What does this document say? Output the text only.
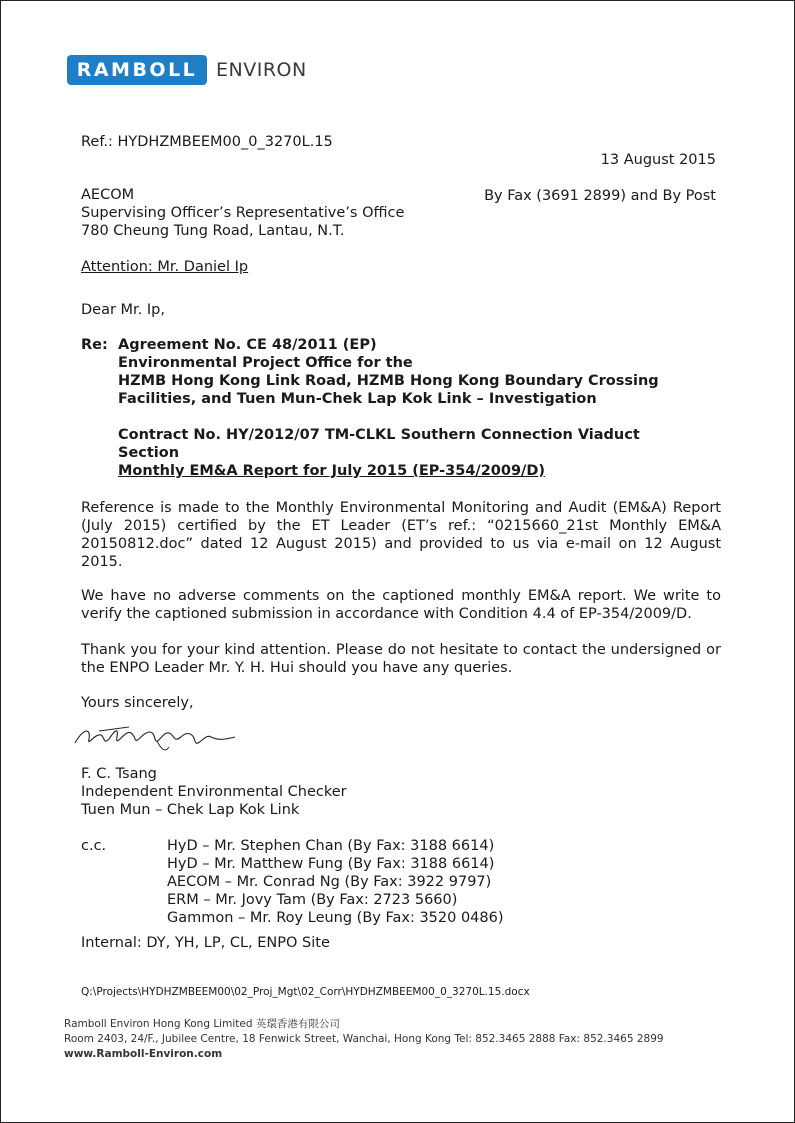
RAMBOLL ENVIRON
Ref.: HYDHZMBEEM00_0_3270L.15
13 August 2015
AECOM
Supervising Officer’s Representative’s Office
780 Cheung Tung Road, Lantau, N.T.
By Fax (3691 2899) and By Post
Attention: Mr. Daniel Ip
Dear Mr. Ip,
Re: Agreement No. CE 48/2011 (EP)
Environmental Project Office for the
HZMB Hong Kong Link Road, HZMB Hong Kong Boundary Crossing
Facilities, and Tuen Mun-Chek Lap Kok Link – Investigation
Contract No. HY/2012/07 TM-CLKL Southern Connection Viaduct
Section
Monthly EM&A Report for July 2015 (EP-354/2009/D)
Reference is made to the Monthly Environmental Monitoring and Audit (EM&A) Report (July 2015) certified by the ET Leader (ET’s ref.: “0215660_21st Monthly EM&A 20150812.doc” dated 12 August 2015) and provided to us via e-mail on 12 August 2015.
We have no adverse comments on the captioned monthly EM&A report. We write to verify the captioned submission in accordance with Condition 4.4 of EP-354/2009/D.
Thank you for your kind attention. Please do not hesitate to contact the undersigned or the ENPO Leader Mr. Y. H. Hui should you have any queries.
Yours sincerely,
F. C. Tsang
Independent Environmental Checker
Tuen Mun – Chek Lap Kok Link
c.c.	HyD – Mr. Stephen Chan (By Fax: 3188 6614)
HyD – Mr. Matthew Fung (By Fax: 3188 6614)
AECOM – Mr. Conrad Ng (By Fax: 3922 9797)
ERM – Mr. Jovy Tam (By Fax: 2723 5660)
Gammon – Mr. Roy Leung (By Fax: 3520 0486)
Internal: DY, YH, LP, CL, ENPO Site
Q:\Projects\HYDHZMBEEM00\02_Proj_Mgt\02_Corr\HYDHZMBEEM00_0_3270L.15.docx
Ramboll Environ Hong Kong Limited 英環香港有限公司
Room 2403, 24/F., Jubilee Centre, 18 Fenwick Street, Wanchai, Hong Kong Tel: 852.3465 2888 Fax: 852.3465 2899
www.Ramboll-Environ.com
